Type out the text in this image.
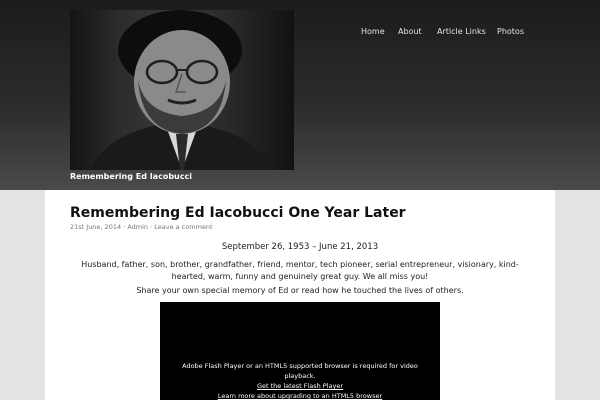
Remembering Ed Iacobucci
Home About Article Links Photos
Remembering Ed Iacobucci One Year Later
21st June, 2014 · Admin · Leave a comment
September 26, 1953 – June 21, 2013
Husband, father, son, brother, grandfather, friend, mentor, tech pioneer, serial entrepreneur, visionary, kind-hearted, warm, funny and genuinely great guy. We all miss you!
Share your own special memory of Ed or read how he touched the lives of others.
Adobe Flash Player or an HTML5 supported browser is required for video playback.
Get the latest Flash Player
Learn more about upgrading to an HTML5 browser
